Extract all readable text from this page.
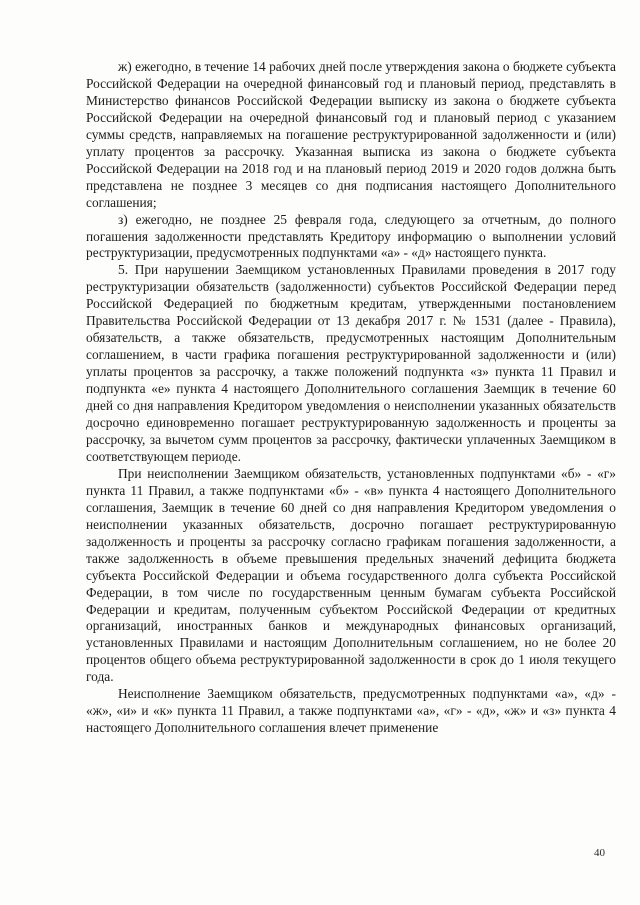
ж) ежегодно, в течение 14 рабочих дней после утверждения закона о бюджете субъекта Российской Федерации на очередной финансовый год и плановый период, представлять в Министерство финансов Российской Федерации выписку из закона о бюджете субъекта Российской Федерации на очередной финансовый год и плановый период с указанием суммы средств, направляемых на погашение реструктурированной задолженности и (или) уплату процентов за рассрочку. Указанная выписка из закона о бюджете субъекта Российской Федерации на 2018 год и на плановый период 2019 и 2020 годов должна быть представлена не позднее 3 месяцев со дня подписания настоящего Дополнительного соглашения;

з) ежегодно, не позднее 25 февраля года, следующего за отчетным, до полного погашения задолженности представлять Кредитору информацию о выполнении условий реструктуризации, предусмотренных подпунктами «а» - «д» настоящего пункта.

5. При нарушении Заемщиком установленных Правилами проведения в 2017 году реструктуризации обязательств (задолженности) субъектов Российской Федерации перед Российской Федерацией по бюджетным кредитам, утвержденными постановлением Правительства Российской Федерации от 13 декабря 2017 г. № 1531 (далее - Правила), обязательств, а также обязательств, предусмотренных настоящим Дополнительным соглашением, в части графика погашения реструктурированной задолженности и (или) уплаты процентов за рассрочку, а также положений подпункта «з» пункта 11 Правил и подпункта «е» пункта 4 настоящего Дополнительного соглашения Заемщик в течение 60 дней со дня направления Кредитором уведомления о неисполнении указанных обязательств досрочно единовременно погашает реструктурированную задолженность и проценты за рассрочку, за вычетом сумм процентов за рассрочку, фактически уплаченных Заемщиком в соответствующем периоде.

При неисполнении Заемщиком обязательств, установленных подпунктами «б» - «г» пункта 11 Правил, а также подпунктами «б» - «в» пункта 4 настоящего Дополнительного соглашения, Заемщик в течение 60 дней со дня направления Кредитором уведомления о неисполнении указанных обязательств, досрочно погашает реструктурированную задолженность и проценты за рассрочку согласно графикам погашения задолженности, а также задолженность в объеме превышения предельных значений дефицита бюджета субъекта Российской Федерации и объема государственного долга субъекта Российской Федерации, в том числе по государственным ценным бумагам субъекта Российской Федерации и кредитам, полученным субъектом Российской Федерации от кредитных организаций, иностранных банков и международных финансовых организаций, установленных Правилами и настоящим Дополнительным соглашением, но не более 20 процентов общего объема реструктурированной задолженности в срок до 1 июля текущего года.

Неисполнение Заемщиком обязательств, предусмотренных подпунктами «а», «д» - «ж», «и» и «к» пункта 11 Правил, а также подпунктами «а», «г» - «д», «ж» и «з» пункта 4 настоящего Дополнительного соглашения влечет применение

40
